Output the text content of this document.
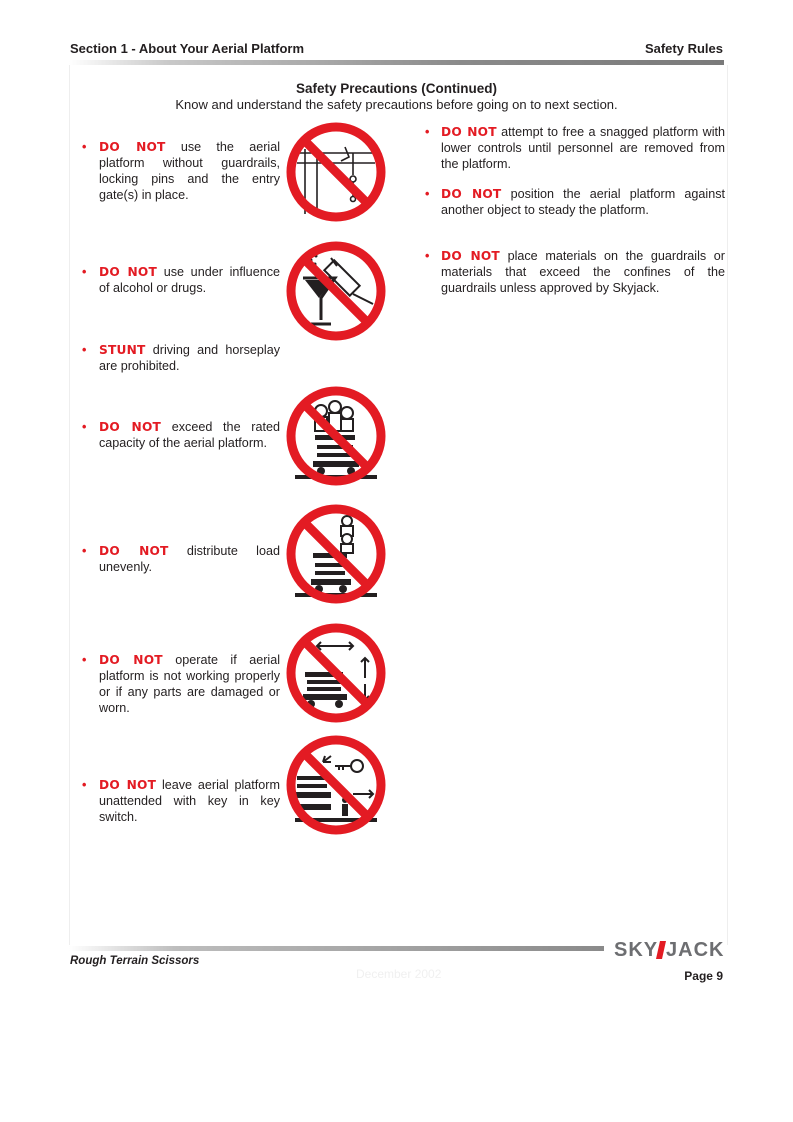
Section 1 - About Your Aerial Platform	Safety Rules
Safety Precautions (Continued)
Know and understand the safety precautions before going on to next section.
• DO NOT use the aerial platform without guardrails, locking pins and the entry gate(s) in place.
• DO NOT use under influence of alcohol or drugs.
• STUNT driving and horseplay are prohibited.
• DO NOT exceed the rated capacity of the aerial platform.
• DO NOT distribute load unevenly.
• DO NOT operate if aerial platform is not working properly or if any parts are damaged or worn.
• DO NOT leave aerial platform unattended with key in key switch.
• DO NOT attempt to free a snagged platform with lower controls until personnel are removed from the platform.
• DO NOT position the aerial platform against another object to steady the platform.
• DO NOT place materials on the guardrails or materials that exceed the confines of the guardrails unless approved by Skyjack.
SKY JACK
Rough Terrain Scissors
December 2002	Page 9
